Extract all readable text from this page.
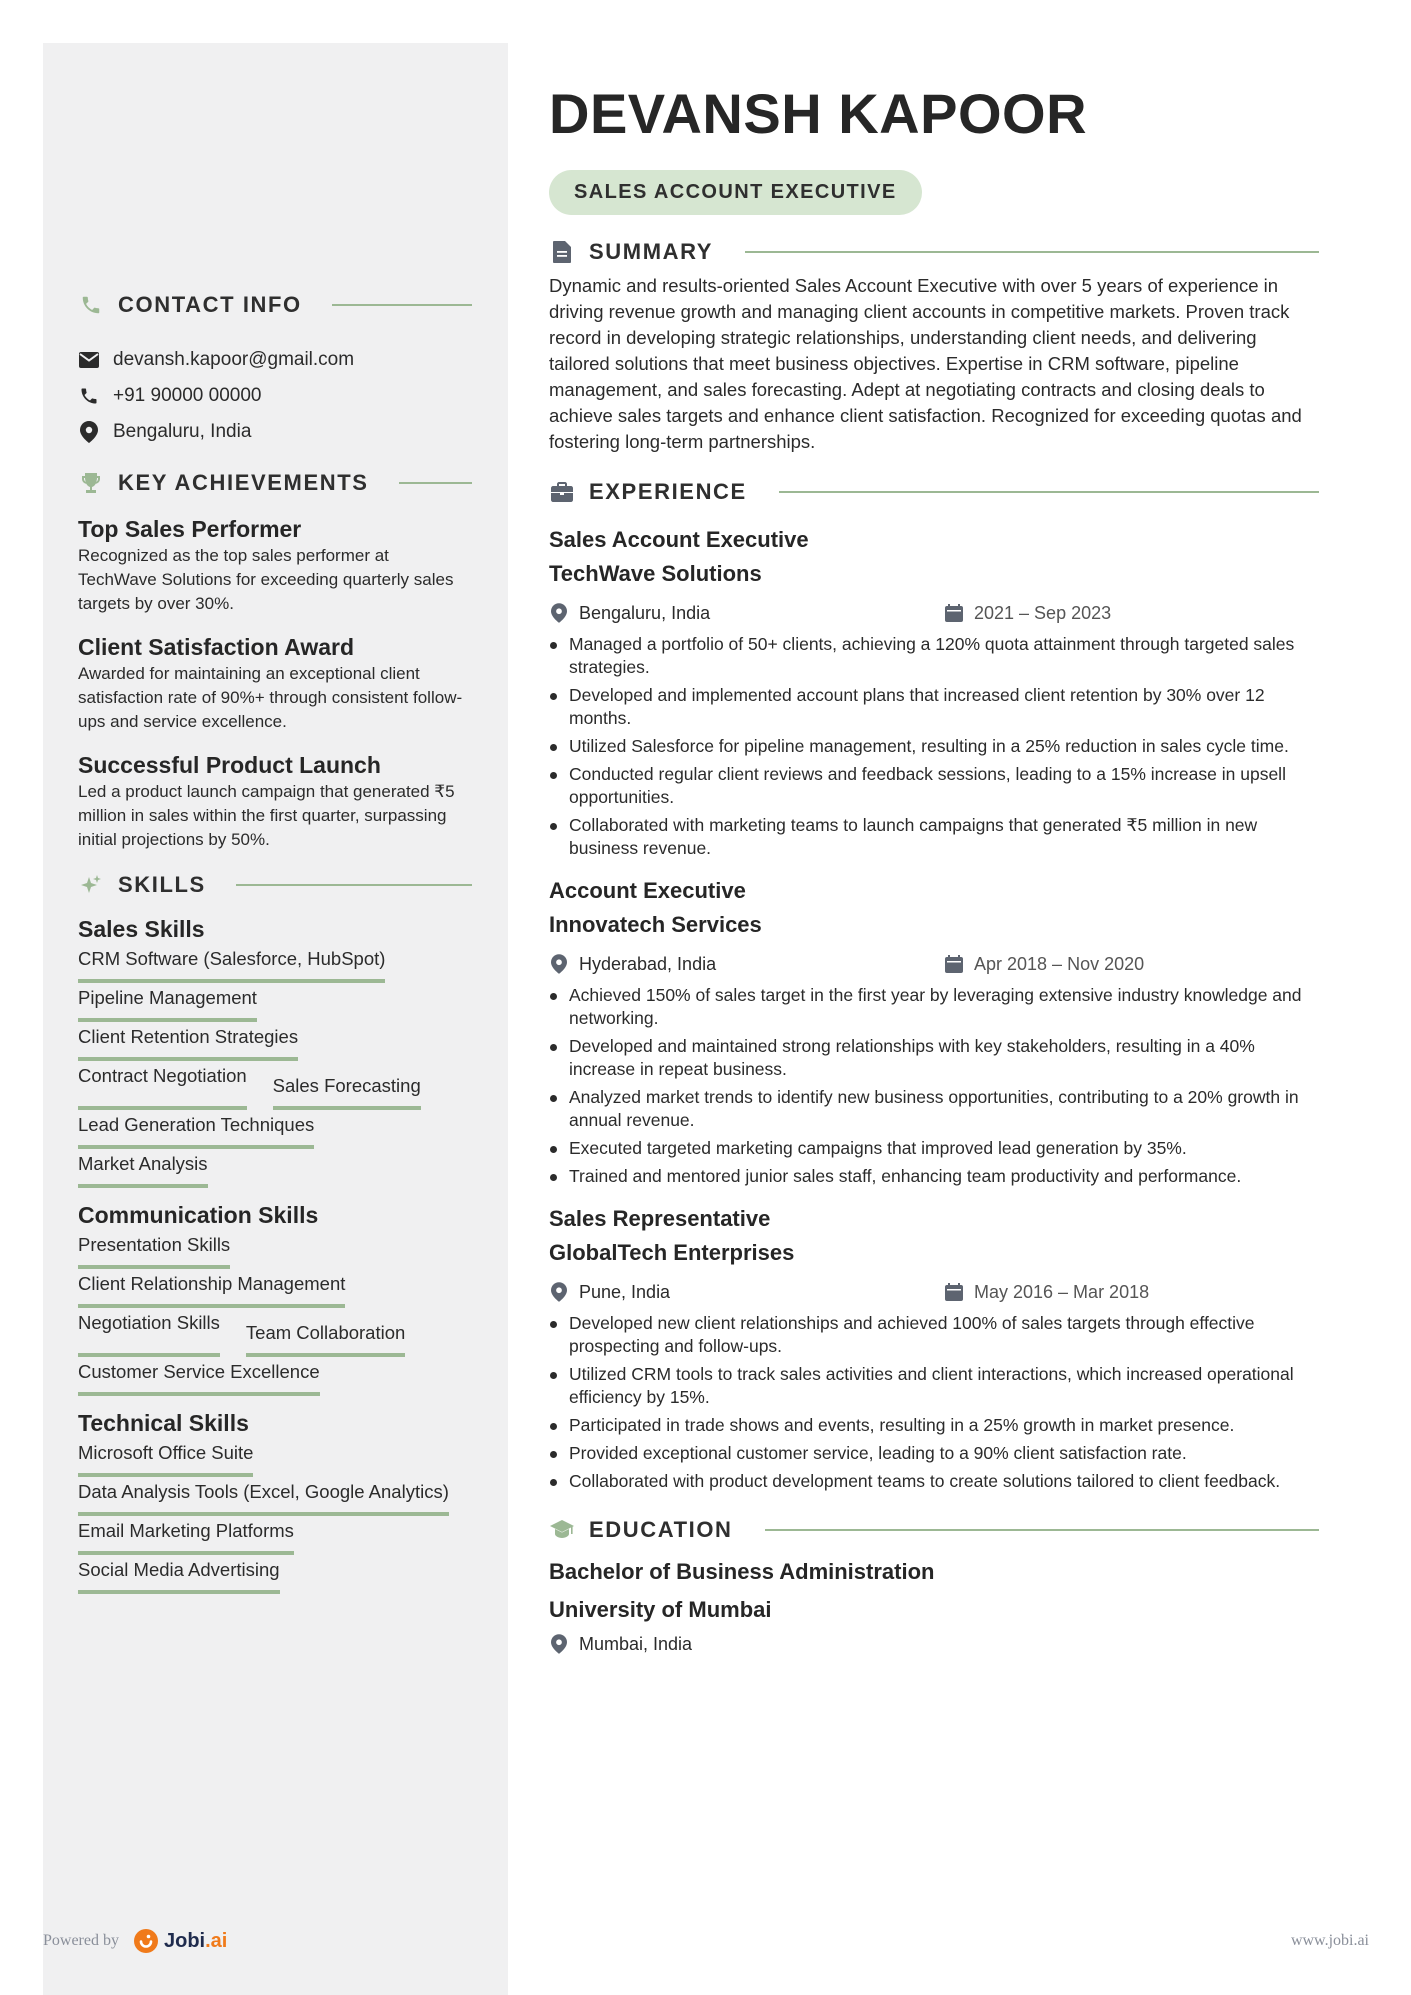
CONTACT INFO
devansh.kapoor@gmail.com
+91 90000 00000
Bengaluru, India
KEY ACHIEVEMENTS
Top Sales Performer
Recognized as the top sales performer at TechWave Solutions for exceeding quarterly sales targets by over 30%.
Client Satisfaction Award
Awarded for maintaining an exceptional client satisfaction rate of 90%+ through consistent follow-ups and service excellence.
Successful Product Launch
Led a product launch campaign that generated ₹5 million in sales within the first quarter, surpassing initial projections by 50%.
SKILLS
Sales Skills
CRM Software (Salesforce, HubSpot)
Pipeline Management
Client Retention Strategies
Contract Negotiation Sales Forecasting
Lead Generation Techniques
Market Analysis
Communication Skills
Presentation Skills
Client Relationship Management
Negotiation Skills Team Collaboration
Customer Service Excellence
Technical Skills
Microsoft Office Suite
Data Analysis Tools (Excel, Google Analytics)
Email Marketing Platforms
Social Media Advertising
DEVANSH KAPOOR
SALES ACCOUNT EXECUTIVE
SUMMARY

Dynamic and results-oriented Sales Account Executive with over 5 years of experience in driving revenue growth and managing client accounts in competitive markets. Proven track record in developing strategic relationships, understanding client needs, and delivering tailored solutions that meet business objectives. Expertise in CRM software, pipeline management, and sales forecasting. Adept at negotiating contracts and closing deals to achieve sales targets and enhance client satisfaction. Recognized for exceeding quotas and fostering long-term partnerships.

EXPERIENCE
Sales Account Executive
TechWave Solutions
Bengaluru, India	2021 – Sep 2023
Managed a portfolio of 50+ clients, achieving a 120% quota attainment through targeted sales strategies.
Developed and implemented account plans that increased client retention by 30% over 12 months.
Utilized Salesforce for pipeline management, resulting in a 25% reduction in sales cycle time.
Conducted regular client reviews and feedback sessions, leading to a 15% increase in upsell opportunities.
Collaborated with marketing teams to launch campaigns that generated ₹5 million in new business revenue.
Account Executive
Innovatech Services
Hyderabad, India	Apr 2018 – Nov 2020
Achieved 150% of sales target in the first year by leveraging extensive industry knowledge and networking.
Developed and maintained strong relationships with key stakeholders, resulting in a 40% increase in repeat business.
Analyzed market trends to identify new business opportunities, contributing to a 20% growth in annual revenue.
Executed targeted marketing campaigns that improved lead generation by 35%.
Trained and mentored junior sales staff, enhancing team productivity and performance.
Sales Representative
GlobalTech Enterprises
Pune, India	May 2016 – Mar 2018
Developed new client relationships and achieved 100% of sales targets through effective prospecting and follow-ups.
Utilized CRM tools to track sales activities and client interactions, which increased operational efficiency by 15%.
Participated in trade shows and events, resulting in a 25% growth in market presence.
Provided exceptional customer service, leading to a 90% client satisfaction rate.
Collaborated with product development teams to create solutions tailored to client feedback.
EDUCATION
Bachelor of Business Administration
University of Mumbai
Mumbai, India
Powered by Jobi.ai	www.jobi.ai
